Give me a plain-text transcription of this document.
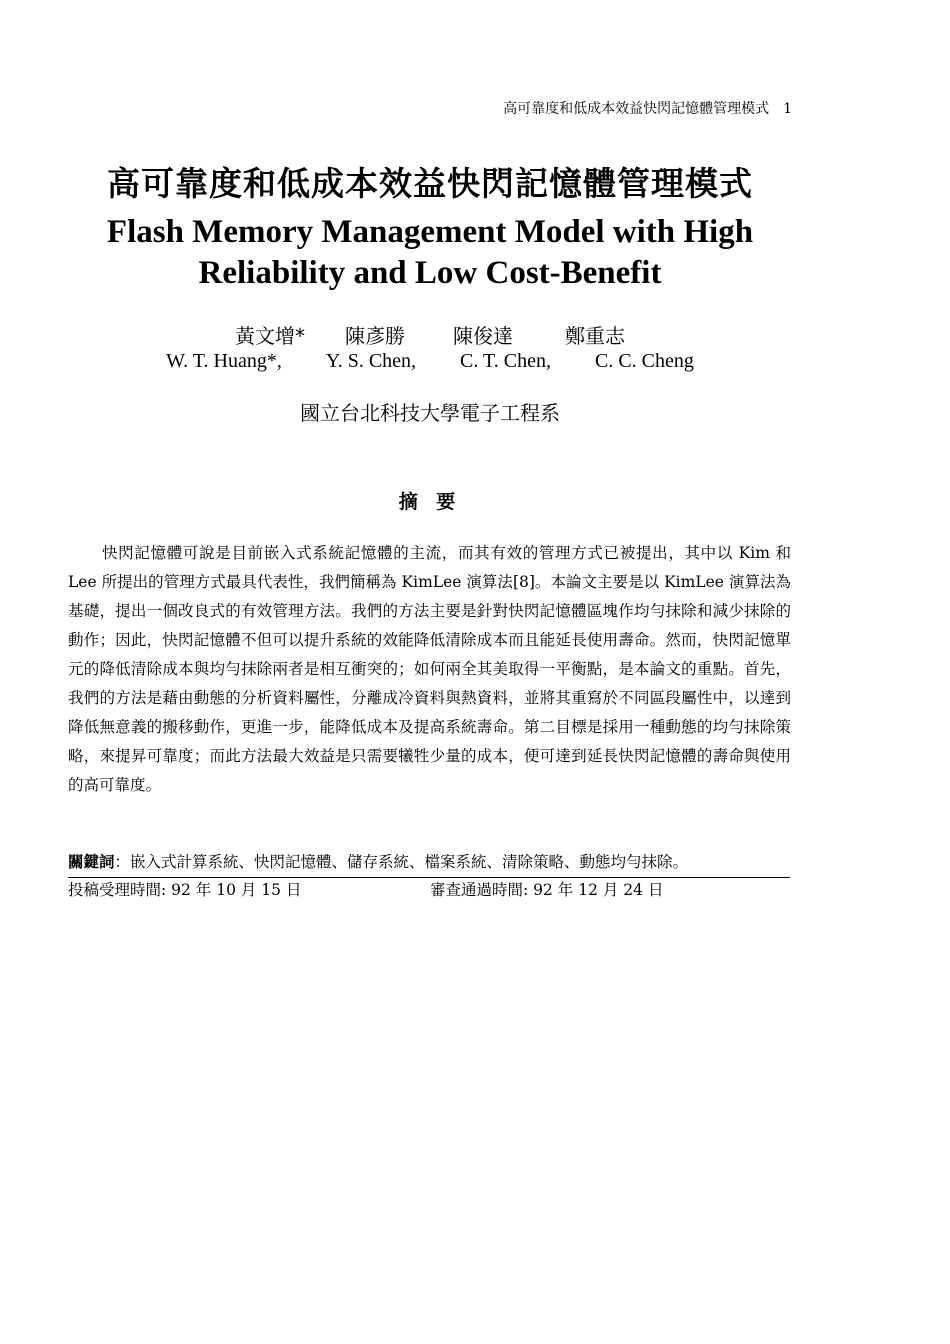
高可靠度和低成本效益快閃記憶體管理模式 1
高可靠度和低成本效益快閃記憶體管理模式
Flash Memory Management Model with High
Reliability and Low Cost-Benefit
黃文增* 陳彥勝 陳俊達	鄭重志
W. T. Huang*, Y. S. Chen, C. T. Chen, C. C. Cheng
國立台北科技大學電子工程系
摘 要
快閃記憶體可說是目前嵌入式系統記憶體的主流，而其有效的管理方式已被提出，其中以 Kim 和 Lee 所提出的管理方式最具代表性，我們簡稱為 KimLee 演算法[8]。本論文主要是以 KimLee 演算法為基礎，提出一個改良式的有效管理方法。我們的方法主要是針對快閃記憶體區塊作均勻抹除和減少抹除的動作；因此，快閃記憶體不但可以提升系統的效能降低清除成本而且能延長使用壽命。然而，快閃記憶單元的降低清除成本與均勻抹除兩者是相互衝突的；如何兩全其美取得一平衡點，是本論文的重點。首先，我們的方法是藉由動態的分析資料屬性，分離成冷資料與熱資料，並將其重寫於不同區段屬性中，以達到降低無意義的搬移動作，更進一步，能降低成本及提高系統壽命。第二目標是採用一種動態的均勻抹除策略，來提昇可靠度；而此方法最大效益是只需要犧牲少量的成本，便可達到延長快閃記憶體的壽命與使用的高可靠度。
關鍵詞：嵌入式計算系統、快閃記憶體、儲存系統、檔案系統、清除策略、動態均勻抹除。
投稿受理時間: 92 年 10 月 15 日	審查通過時間: 92 年 12 月 24 日
